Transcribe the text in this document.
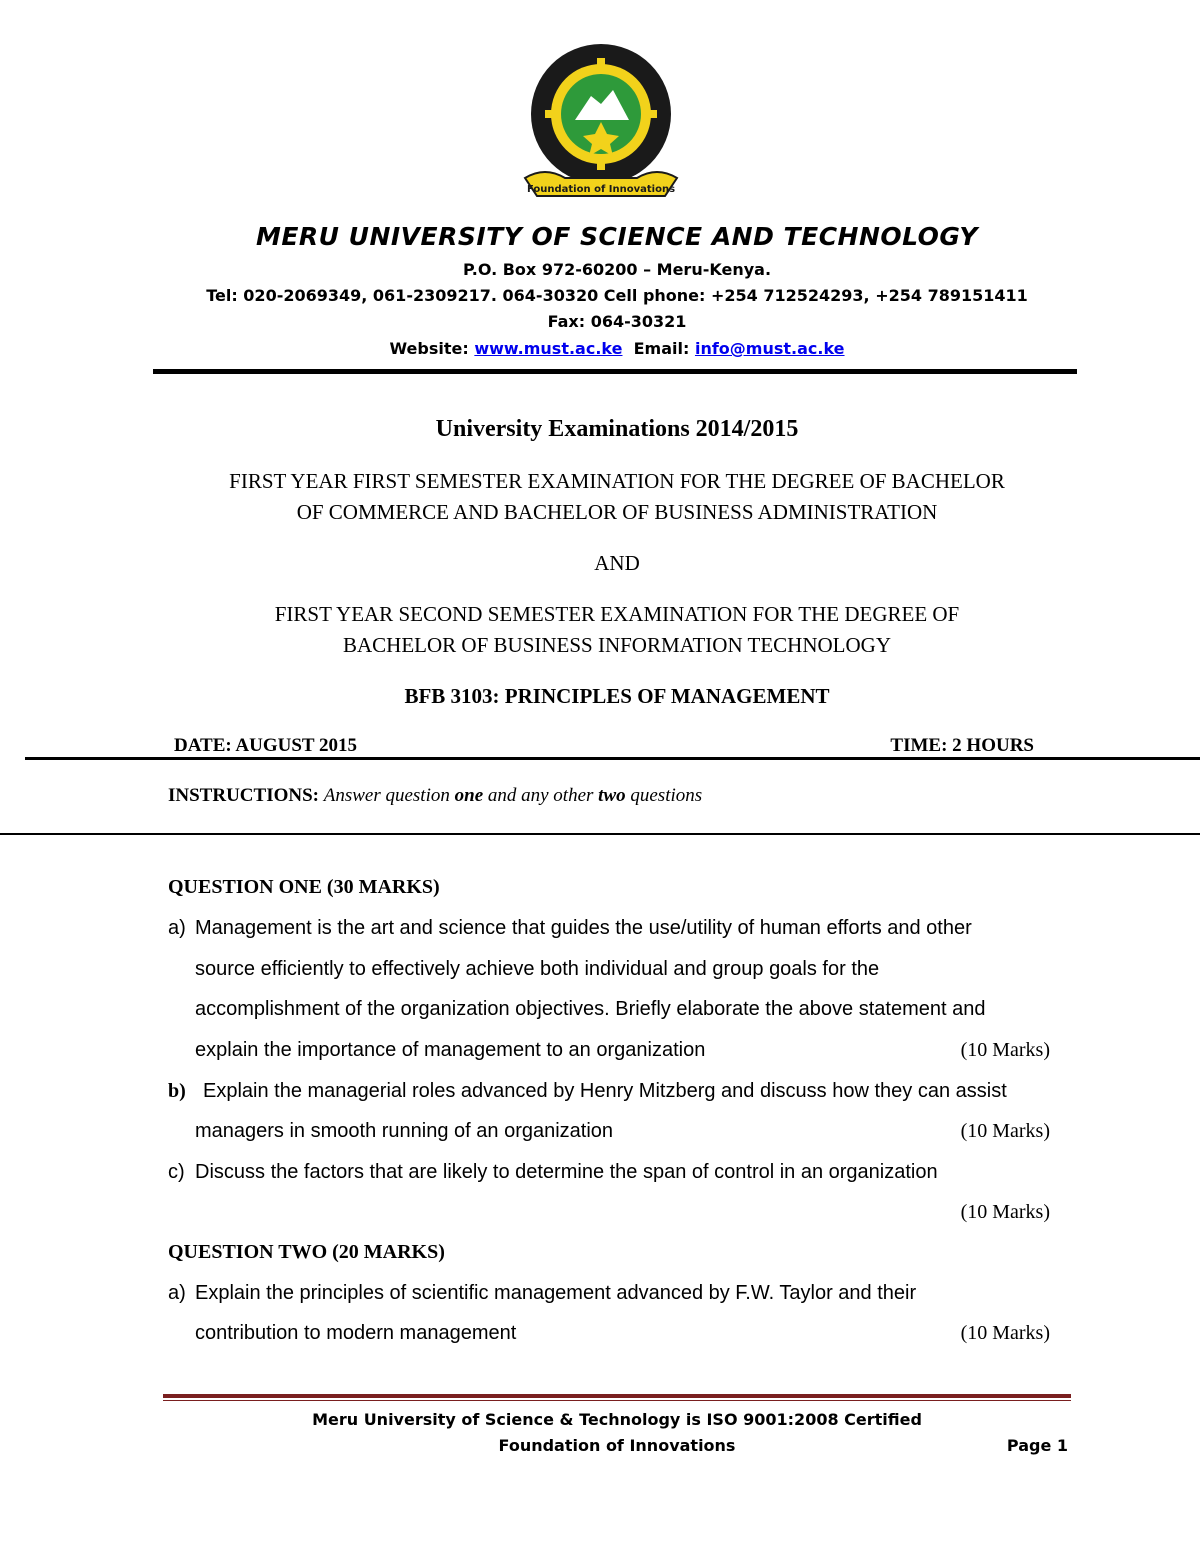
Foundation of Innovations
MERU UNIVERSITY OF SCIENCE AND TECHNOLOGY
P.O. Box 972-60200 – Meru-Kenya.
Tel: 020-2069349, 061-2309217. 064-30320 Cell phone: +254 712524293, +254 789151411
Fax: 064-30321
Website: www.must.ac.ke Email: info@must.ac.ke
University Examinations 2014/2015
FIRST YEAR FIRST SEMESTER EXAMINATION FOR THE DEGREE OF BACHELOR
OF COMMERCE AND BACHELOR OF BUSINESS ADMINISTRATION
AND
FIRST YEAR SECOND SEMESTER EXAMINATION FOR THE DEGREE OF
BACHELOR OF BUSINESS INFORMATION TECHNOLOGY
BFB 3103: PRINCIPLES OF MANAGEMENT
DATE: AUGUST 2015	TIME: 2 HOURS
INSTRUCTIONS: Answer question one and any other two questions
QUESTION ONE (30 MARKS)
a) Management is the art and science that guides the use/utility of human efforts and other
source efficiently to effectively achieve both individual and group goals for the
accomplishment of the organization objectives. Briefly elaborate the above statement and
explain the importance of management to an organization	(10 Marks)
b) Explain the managerial roles advanced by Henry Mitzberg and discuss how they can assist
managers in smooth running of an organization	(10 Marks)
c) Discuss the factors that are likely to determine the span of control in an organization
(10 Marks)
QUESTION TWO (20 MARKS)
a) Explain the principles of scientific management advanced by F.W. Taylor and their
contribution to modern management	(10 Marks)
Meru University of Science & Technology is ISO 9001:2008 Certified
Foundation of Innovations	Page 1
